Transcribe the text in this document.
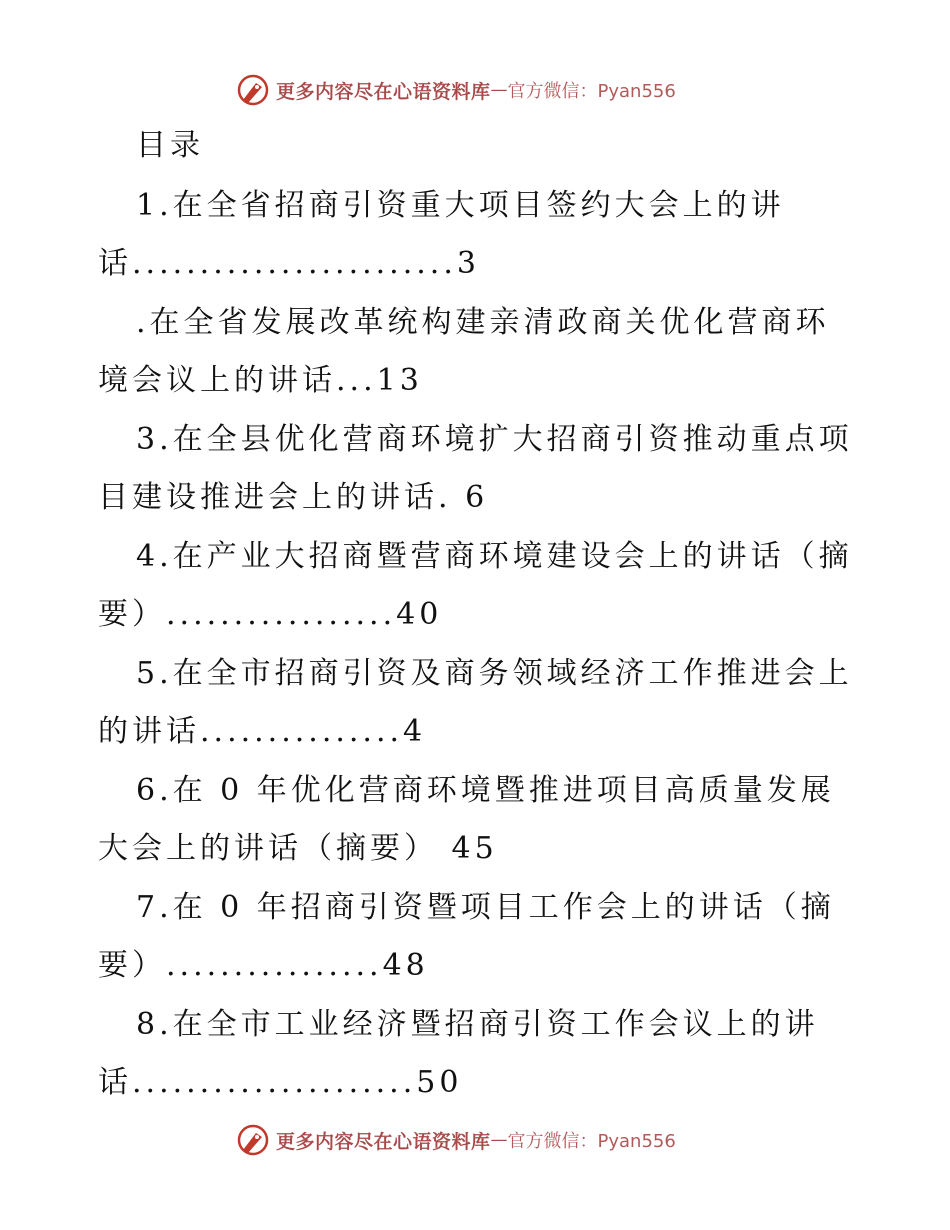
更多内容尽在心语资料库 — 官方微信：Pyan556
目录
1.在全省招商引资重大项目签约大会上的讲
话........................3
.在全省发展改革统构建亲清政商关优化营商环
境会议上的讲话...13
3.在全县优化营商环境扩大招商引资推动重点项
目建设推进会上的讲话. 6
4.在产业大招商暨营商环境建设会上的讲话（摘
要）.................40
5.在全市招商引资及商务领域经济工作推进会上
的讲话...............4
6.在 0 年优化营商环境暨推进项目高质量发展
大会上的讲话（摘要） 45
7.在 0 年招商引资暨项目工作会上的讲话（摘
要）................48
8.在全市工业经济暨招商引资工作会议上的讲
话.....................50
更多内容尽在心语资料库 — 官方微信：Pyan556
